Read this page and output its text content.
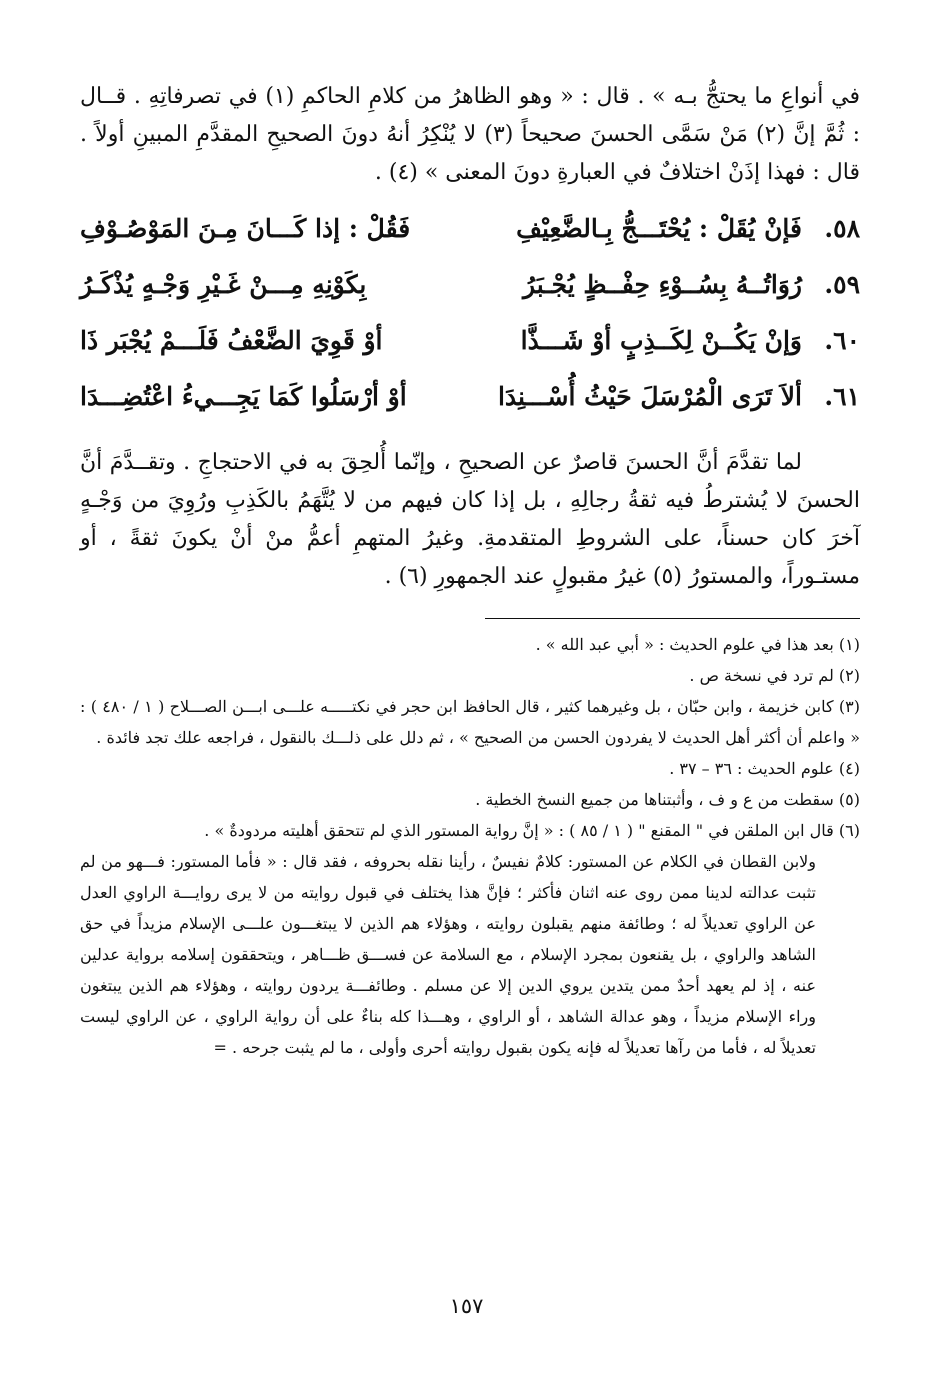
في أنواعِ ما يحتجُّ بـه » . قال : « وهو الظاهرُ من كلامِ الحاكمِ (١) في تصرفاتِهِ . قــال : ثُمَّ إنَّ (٢) مَنْ سَمَّى الحسنَ صحيحاً (٣) لا يُنْكِرُ أنهُ دونَ الصحيحِ المقدَّمِ المبينِ أولاً . قال : فهذا إذَنْ اختلافٌ في العبارةِ دونَ المعنى » (٤) .

٥٨.
فَإنْ يُقَلْ : يُحْتَـــجُّ بِـالضَّعِيْفِ
فَقُلْ : إذا كَـــانَ مِـنَ المَوْصُـوْفِ
٥٩.
رُوَاتُــهُ بِسُــوْءِ حِفْــظٍ يُجْـبَرُ
بِكَوْنِهِ مِـــنْ غَـيْرِ وَجْـهٍ يُذْكَـرُ
٦٠.
وَإنْ يَكُــنْ لِكَــذِبٍ أوْ شَـــذَّا
أوْ قَوِيَ الضَّعْفُ فَلَـــمْ يُجْبَر ذَا
٦١.
ألاَ تَرَى الْمُرْسَلَ حَيْثُ أُسْـــنِدَا
أوْ أرْسَلُوا كَمَا يَجِـــيءُ اعْتُضِـــدَا

لما تقدَّمَ أنَّ الحسنَ قاصرٌ عن الصحيحِ ، وإنّما أُلحِقَ به في الاحتجاجِ . وتقــدَّمَ أنَّ الحسنَ لا يُشترطُ فيه ثقةُ رجالِهِ ، بل إذا كان فيهم من لا يُتَّهَمُ بالكَذِبِ ورُوِيَ من وَجْـهٍ آخرَ كان حسناً، على الشروطِ المتقدمةِ. وغيرُ المتهمِ أعمُّ منْ أنْ يكونَ ثقةً ، أو مستـوراً، والمستورُ (٥) غيرُ مقبولٍ عند الجمهورِ (٦) .

(١) بعد هذا في علوم الحديث : « أبي عبد الله » .

(٢) لم ترد في نسخة ص .

(٣) كابن خزيمة ، وابن حبّان ، بل وغيرهما كثير ، قال الحافظ ابن حجر في نكتـــــه علـــى ابـــن الصـــلاح ( ١ / ٤٨٠ ) : « واعلم أن أكثر أهل الحديث لا يفردون الحسن من الصحيح » ، ثم دلل على ذلـــك بالنقول ، فراجعه علك تجد فائدة .

(٤) علوم الحديث : ٣٦ – ٣٧ .

(٥) سقطت من ع و ف ، وأثبتناها من جميع النسخ الخطية .

(٦) قال ابن الملقن في " المقنع " ( ١ / ٨٥ ) : « إنَّ رواية المستور الذي لم تتحقق أهليته مردودةٌ » .

ولابن القطان في الكلام عن المستور: كلامٌ نفيسٌ ، رأينا نقله بحروفه ، فقد قال : « فأما المستور: فـــهو من لم تثبت عدالته لدينا ممن روى عنه اثنان فأكثر ؛ فإنَّ هذا يختلف في قبول روايته من لا يرى روايـــة الراوي العدل عن الراوي تعديلاً له ؛ وطائفة منهم يقبلون روايته ، وهؤلاء هم الذين لا يبتغـــون علـــى الإسلام مزيداً في حق الشاهد والراوي ، بل يقنعون بمجرد الإسلام ، مع السلامة عن فســـق ظـــاهر ، ويتحققون إسلامه برواية عدلين عنه ، إذ لم يعهد أحدٌ ممن يتدين يروي الدين إلا عن مسلم . وطائفـــة يردون روايته ، وهؤلاء هم الذين يبتغون وراء الإسلام مزيداً ، وهو عدالة الشاهد ، أو الراوي ، وهـــذا كله بناءٌ على أن رواية الراوي ، عن الراوي ليست تعديلاً له ، فأما من رآها تعديلاً له فإنه يكون بقبول روايته أحرى وأولى ، ما لم يثبت جرحه . =

١٥٧
